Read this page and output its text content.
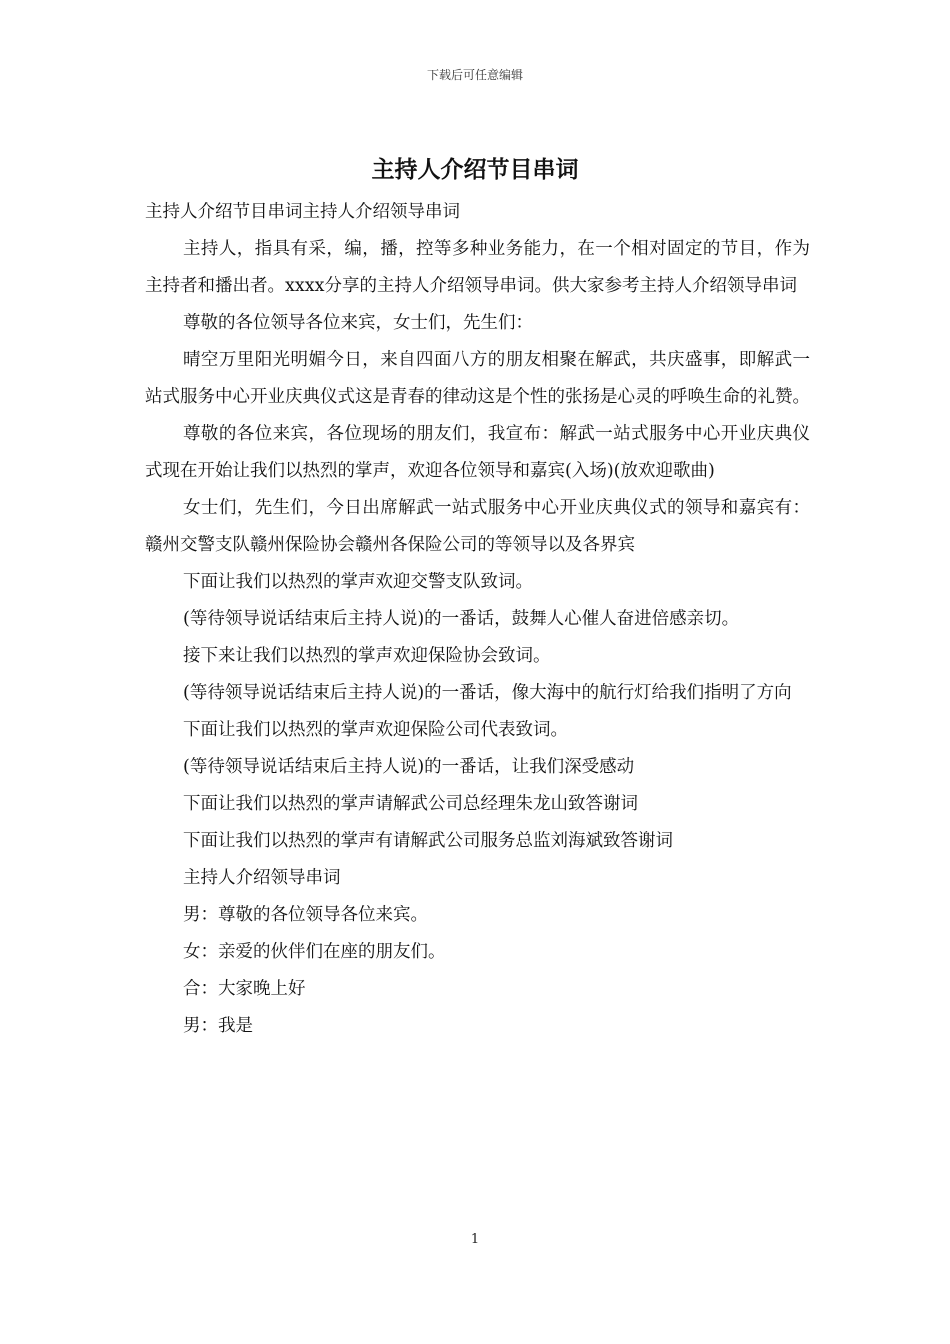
下载后可任意编辑
主持人介绍节目串词

主持人介绍节目串词主持人介绍领导串词

主持人，指具有采，编，播，控等多种业务能力，在一个相对固定的节目，作为主持者和播出者。xxxx分享的主持人介绍领导串词。供大家参考主持人介绍领导串词

尊敬的各位领导各位来宾，女士们，先生们：

晴空万里阳光明媚今日，来自四面八方的朋友相聚在解武，共庆盛事，即解武一站式服务中心开业庆典仪式这是青春的律动这是个性的张扬是心灵的呼唤生命的礼赞。

尊敬的各位来宾，各位现场的朋友们，我宣布：解武一站式服务中心开业庆典仪式现在开始让我们以热烈的掌声，欢迎各位领导和嘉宾(入场)(放欢迎歌曲)

女士们，先生们，今日出席解武一站式服务中心开业庆典仪式的领导和嘉宾有：赣州交警支队赣州保险协会赣州各保险公司的等领导以及各界宾

下面让我们以热烈的掌声欢迎交警支队致词。

(等待领导说话结束后主持人说)的一番话，鼓舞人心催人奋进倍感亲切。

接下来让我们以热烈的掌声欢迎保险协会致词。

(等待领导说话结束后主持人说)的一番话，像大海中的航行灯给我们指明了方向

下面让我们以热烈的掌声欢迎保险公司代表致词。

(等待领导说话结束后主持人说)的一番话，让我们深受感动

下面让我们以热烈的掌声请解武公司总经理朱龙山致答谢词

下面让我们以热烈的掌声有请解武公司服务总监刘海斌致答谢词

主持人介绍领导串词

男：尊敬的各位领导各位来宾。

女：亲爱的伙伴们在座的朋友们。

合：大家晚上好

男：我是

1
